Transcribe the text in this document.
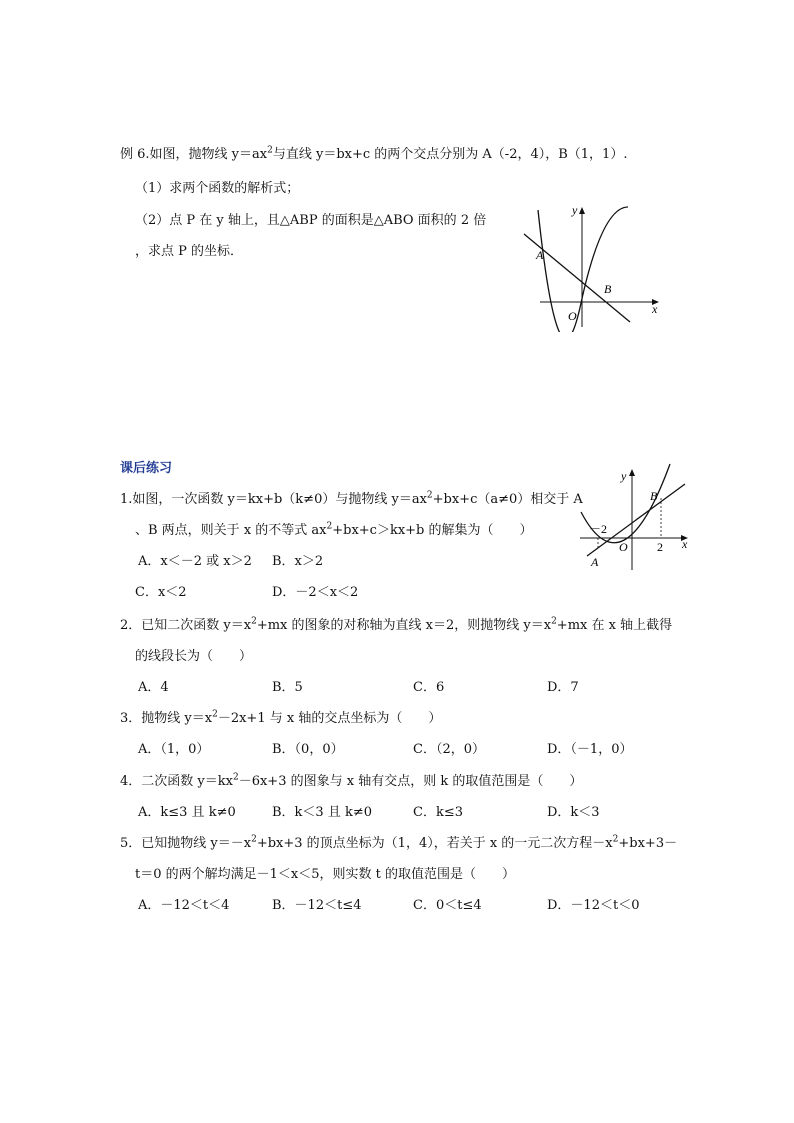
例 6.如图，抛物线 $y=ax^2$与直线 y＝bx+c 的两个交点分别为 A（-2，4），B（1，1）.
（1）求两个函数的解析式；
（2）点 P 在 y 轴上，且△ABP 的面积是△ABO 面积的 2 倍
，求点 P 的坐标．
y
x
A
B
O
课后练习
1.如图，一次函数 y＝kx+b（k≠0）与抛物线 $y=ax^2+bx+c(a\ne 0)$相交于 A
、B 两点，则关于 x 的不等式 $ax^2+bx+c>kx+b$ 的解集为（　　）
A．x＜－2 或 x＞2 B．x＞2
C．x＜2	D．－2＜x＜2
y
x
B
A
O
－2
2
2．已知二次函数 $y=x^2+mx$ 的图象的对称轴为直线 x＝2，则抛物线 $y=x^2+mx$ 在 x 轴上截得
的线段长为（　　）
A．4	B．5	C．6	D．7
3．抛物线 $y=x^2-2x+1$ 与 x 轴的交点坐标为（　　）
A．（1，0）	B．（0，0）	C．（2，0）	D．（－1，0）
4．二次函数 $y=kx^2-6x+3$ 的图象与 x 轴有交点，则 k 的取值范围是（　　）
A．k≤3 且 k≠0	B．k＜3 且 k≠0	C．k≤3	D．k＜3
5．已知抛物线 $y=-x^2+bx+3$ 的顶点坐标为（1，4），若关于 x 的一元二次方程$-x^2+bx+3-$
t＝0 的两个解均满足－1＜x＜5，则实数 t 的取值范围是（　　）
A．－12＜t＜4	B．－12＜t≤4	C．0＜t≤4	D．－12＜t＜0
